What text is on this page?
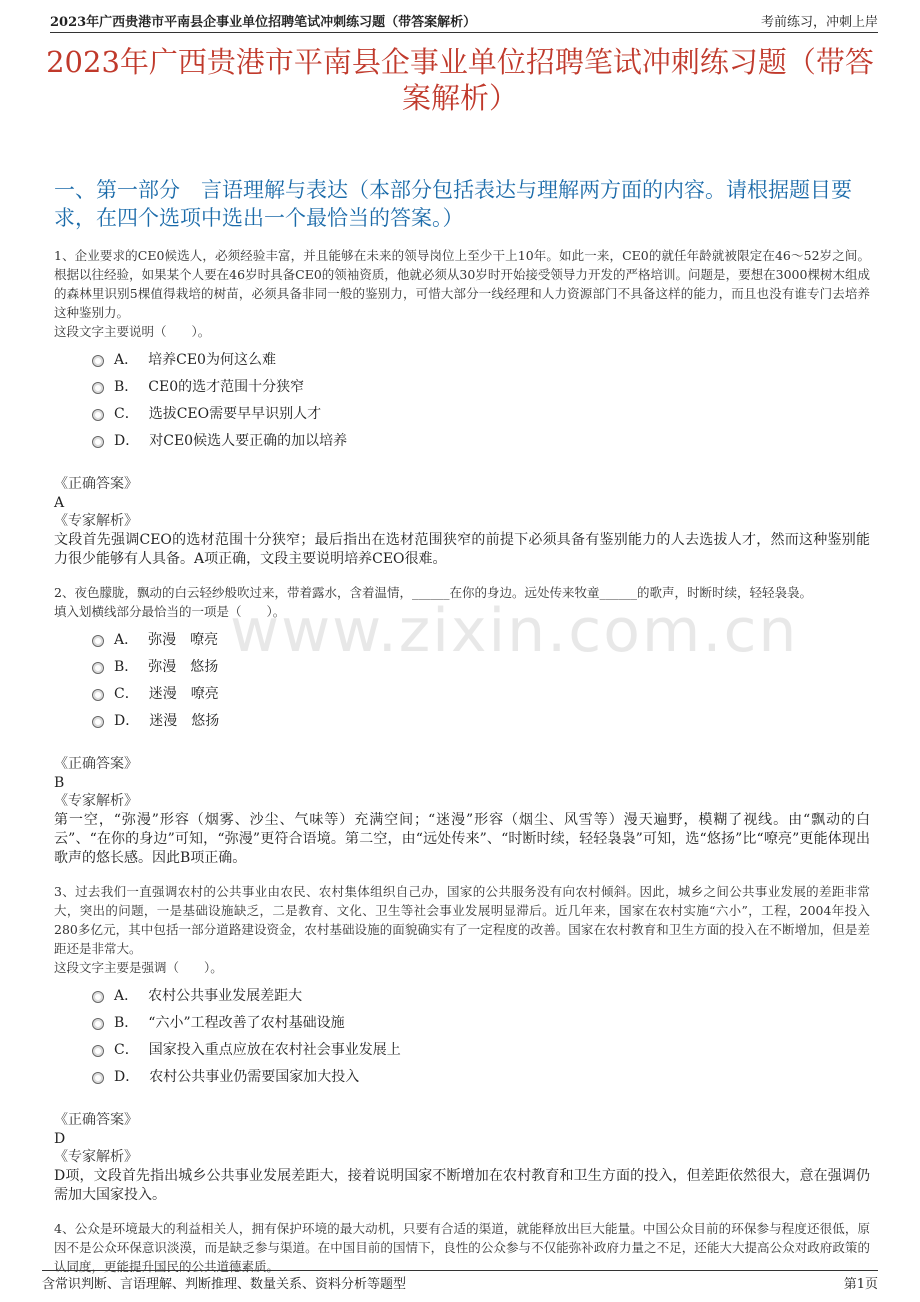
2023年广西贵港市平南县企事业单位招聘笔试冲刺练习题（带答案解析）	考前练习，冲刺上岸
2023年广西贵港市平南县企事业单位招聘笔试冲刺练习题（带答案解析）
一、第一部分　言语理解与表达（本部分包括表达与理解两方面的内容。请根据题目要求，在四个选项中选出一个最恰当的答案。）
www.zixin.com.cn

1、企业要求的CE0候选人，必须经验丰富，并且能够在未来的领导岗位上至少干上10年。如此一来，CE0的就任年龄就被限定在46～52岁之间。根据以往经验，如果某个人要在46岁时具备CE0的领袖资质，他就必须从30岁时开始接受领导力开发的严格培训。问题是，要想在3000棵树木组成的森林里识别5棵值得栽培的树苗，必须具备非同一般的鉴别力，可惜大部分一线经理和人力资源部门不具备这样的能力，而且也没有谁专门去培养这种鉴别力。

这段文字主要说明（　　）。

A． 培养CE0为何这么难
B． CE0的选才范围十分狭窄
C． 选拔CEO需要早早识别人才
D． 对CE0候选人要正确的加以培养
《正确答案》
A
《专家解析》
文段首先强调CEO的选材范围十分狭窄；最后指出在选材范围狭窄的前提下必须具备有鉴别能力的人去选拔人才，然而这种鉴别能力很少能够有人具备。A项正确，文段主要说明培养CEO很难。

2、夜色朦胧，飘动的白云轻纱般吹过来，带着露水，含着温情，______在你的身边。远处传来牧童______的歌声，时断时续，轻轻袅袅。

填入划横线部分最恰当的一项是（　　）。

A． 弥漫　嘹亮
B． 弥漫　悠扬
C． 迷漫　嘹亮
D． 迷漫　悠扬
《正确答案》
B
《专家解析》
第一空，“弥漫”形容（烟雾、沙尘、气味等）充满空间；“迷漫”形容（烟尘、风雪等）漫天遍野，模糊了视线。由“飘动的白云”、“在你的身边”可知，“弥漫”更符合语境。第二空，由“远处传来”、“时断时续，轻轻袅袅”可知，选“悠扬”比“嘹亮”更能体现出歌声的悠长感。因此B项正确。

3、过去我们一直强调农村的公共事业由农民、农村集体组织自己办，国家的公共服务没有向农村倾斜。因此，城乡之间公共事业发展的差距非常大，突出的问题，一是基础设施缺乏，二是教育、文化、卫生等社会事业发展明显滞后。近几年来，国家在农村实施“六小”，工程，2004年投入280多亿元，其中包括一部分道路建设资金，农村基础设施的面貌确实有了一定程度的改善。国家在农村教育和卫生方面的投入在不断增加，但是差距还是非常大。

这段文字主要是强调（　　）。

A． 农村公共事业发展差距大
B． “六小”工程改善了农村基础设施
C． 国家投入重点应放在农村社会事业发展上
D． 农村公共事业仍需要国家加大投入
《正确答案》
D
《专家解析》
D项，文段首先指出城乡公共事业发展差距大，接着说明国家不断增加在农村教育和卫生方面的投入，但差距依然很大，意在强调仍需加大国家投入。

4、公众是环境最大的利益相关人，拥有保护环境的最大动机，只要有合适的渠道，就能释放出巨大能量。中国公众目前的环保参与程度还很低，原因不是公众环保意识淡漠，而是缺乏参与渠道。在中国目前的国情下，良性的公众参与不仅能弥补政府力量之不足，还能大大提高公众对政府政策的认同度，更能提升国民的公共道德素质。

含常识判断、言语理解、判断推理、数量关系、资料分析等题型	第1页
